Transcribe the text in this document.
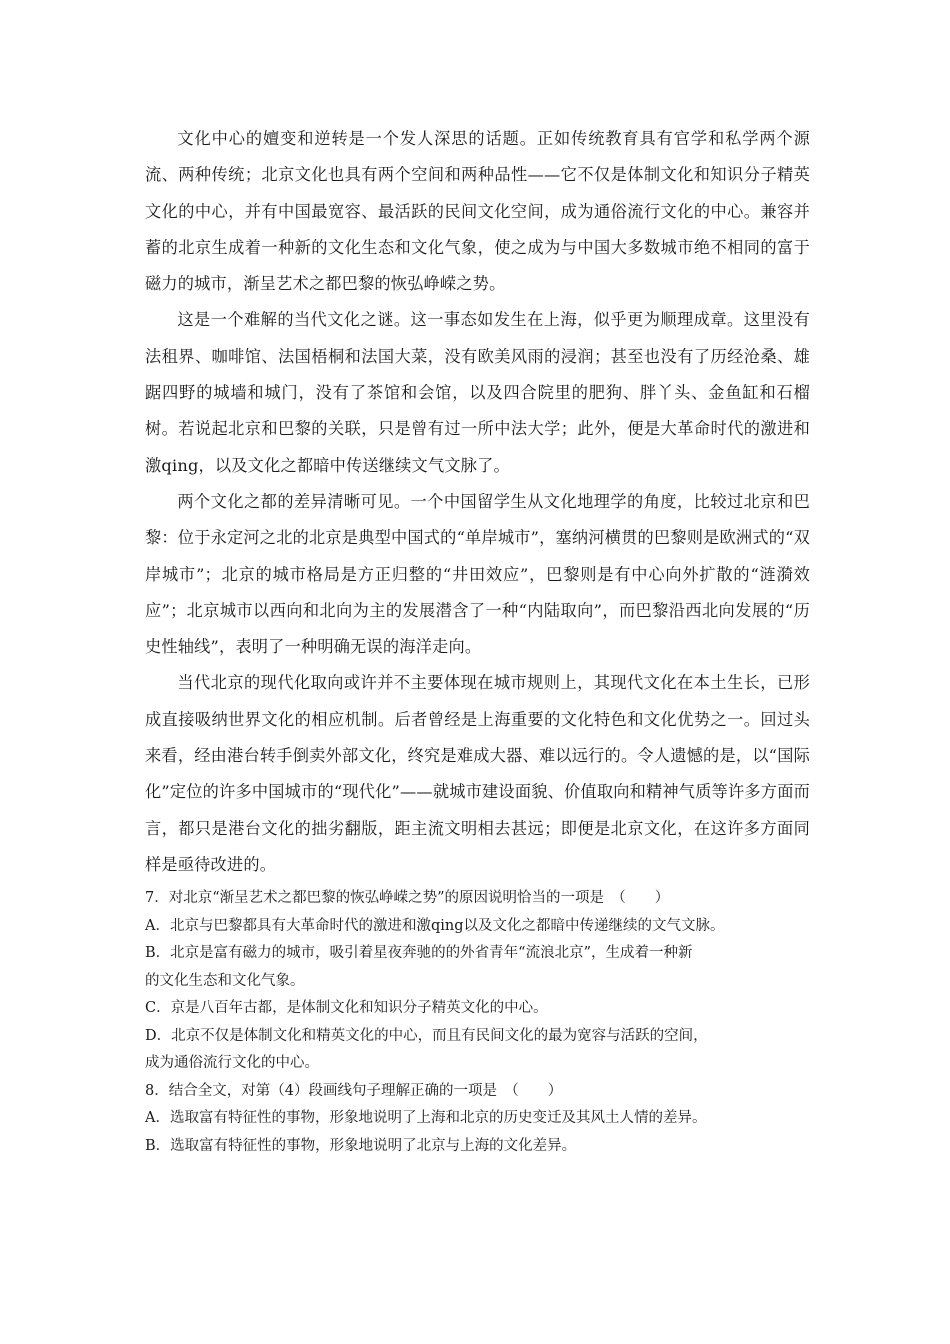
文化中心的嬗变和逆转是一个发人深思的话题。正如传统教育具有官学和私学两个源流、两种传统；北京文化也具有两个空间和两种品性——它不仅是体制文化和知识分子精英文化的中心，并有中国最宽容、最活跃的民间文化空间，成为通俗流行文化的中心。兼容并蓄的北京生成着一种新的文化生态和文化气象，使之成为与中国大多数城市绝不相同的富于磁力的城市，渐呈艺术之都巴黎的恢弘峥嵘之势。

这是一个难解的当代文化之谜。这一事态如发生在上海，似乎更为顺理成章。这里没有法租界、咖啡馆、法国梧桐和法国大菜，没有欧美风雨的浸润；甚至也没有了历经沧桑、雄踞四野的城墙和城门，没有了茶馆和会馆，以及四合院里的肥狗、胖丫头、金鱼缸和石榴树。若说起北京和巴黎的关联，只是曾有过一所中法大学；此外，便是大革命时代的激进和激qing，以及文化之都暗中传送继续文气文脉了。

两个文化之都的差异清晰可见。一个中国留学生从文化地理学的角度，比较过北京和巴黎：位于永定河之北的北京是典型中国式的“单岸城市”，塞纳河横贯的巴黎则是欧洲式的“双岸城市”；北京的城市格局是方正归整的“井田效应”，巴黎则是有中心向外扩散的“涟漪效应”；北京城市以西向和北向为主的发展潜含了一种“内陆取向”，而巴黎沿西北向发展的“历史性轴线”，表明了一种明确无误的海洋走向。

当代北京的现代化取向或许并不主要体现在城市规则上，其现代文化在本土生长，已形成直接吸纳世界文化的相应机制。后者曾经是上海重要的文化特色和文化优势之一。回过头来看，经由港台转手倒卖外部文化，终究是难成大器、难以远行的。令人遗憾的是，以“国际化”定位的许多中国城市的“现代化”——就城市建设面貌、价值取向和精神气质等许多方面而言，都只是港台文化的拙劣翻版，距主流文明相去甚远；即便是北京文化，在这许多方面同样是亟待改进的。

7．对北京“渐呈艺术之都巴黎的恢弘峥嵘之势”的原因说明恰当的一项是　（　　）
A．北京与巴黎都具有大革命时代的激进和激qing以及文化之都暗中传递继续的文气文脉。
B．北京是富有磁力的城市，吸引着星夜奔驰的的外省青年“流浪北京”，生成着一种新
的文化生态和文化气象。
C．京是八百年古都，是体制文化和知识分子精英文化的中心。
D．北京不仅是体制文化和精英文化的中心，而且有民间文化的最为宽容与活跃的空间，
成为通俗流行文化的中心。
8．结合全文，对第（4）段画线句子理解正确的一项是　（　　）
A．选取富有特征性的事物，形象地说明了上海和北京的历史变迁及其风土人情的差异。
B．选取富有特征性的事物，形象地说明了北京与上海的文化差异。
